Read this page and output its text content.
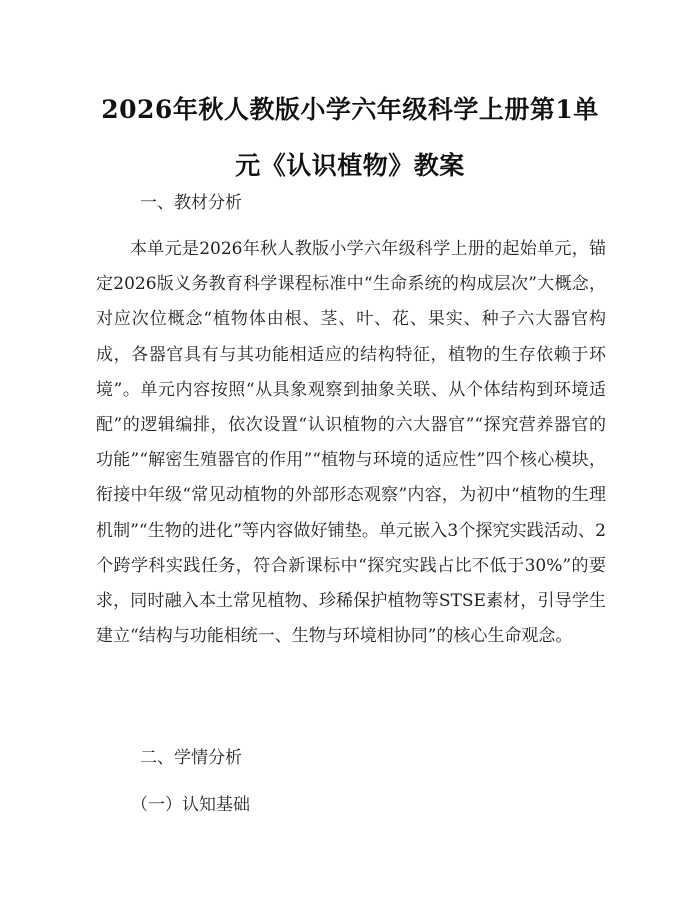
2026年秋人教版小学六年级科学上册第1单元《认识植物》教案
一、教材分析

本单元是2026年秋人教版小学六年级科学上册的起始单元，锚定2026版义务教育科学课程标准中“生命系统的构成层次”大概念，对应次位概念“植物体由根、茎、叶、花、果实、种子六大器官构成，各器官具有与其功能相适应的结构特征，植物的生存依赖于环境”。单元内容按照“从具象观察到抽象关联、从个体结构到环境适配”的逻辑编排，依次设置“认识植物的六大器官”“探究营养器官的功能”“解密生殖器官的作用”“植物与环境的适应性”四个核心模块，衔接中年级“常见动植物的外部形态观察”内容，为初中“植物的生理机制”“生物的进化”等内容做好铺垫。单元嵌入3个探究实践活动、2个跨学科实践任务，符合新课标中“探究实践占比不低于30%”的要求，同时融入本土常见植物、珍稀保护植物等STSE素材，引导学生建立“结构与功能相统一、生物与环境相协同”的核心生命观念。

二、学情分析
（一）认知基础
